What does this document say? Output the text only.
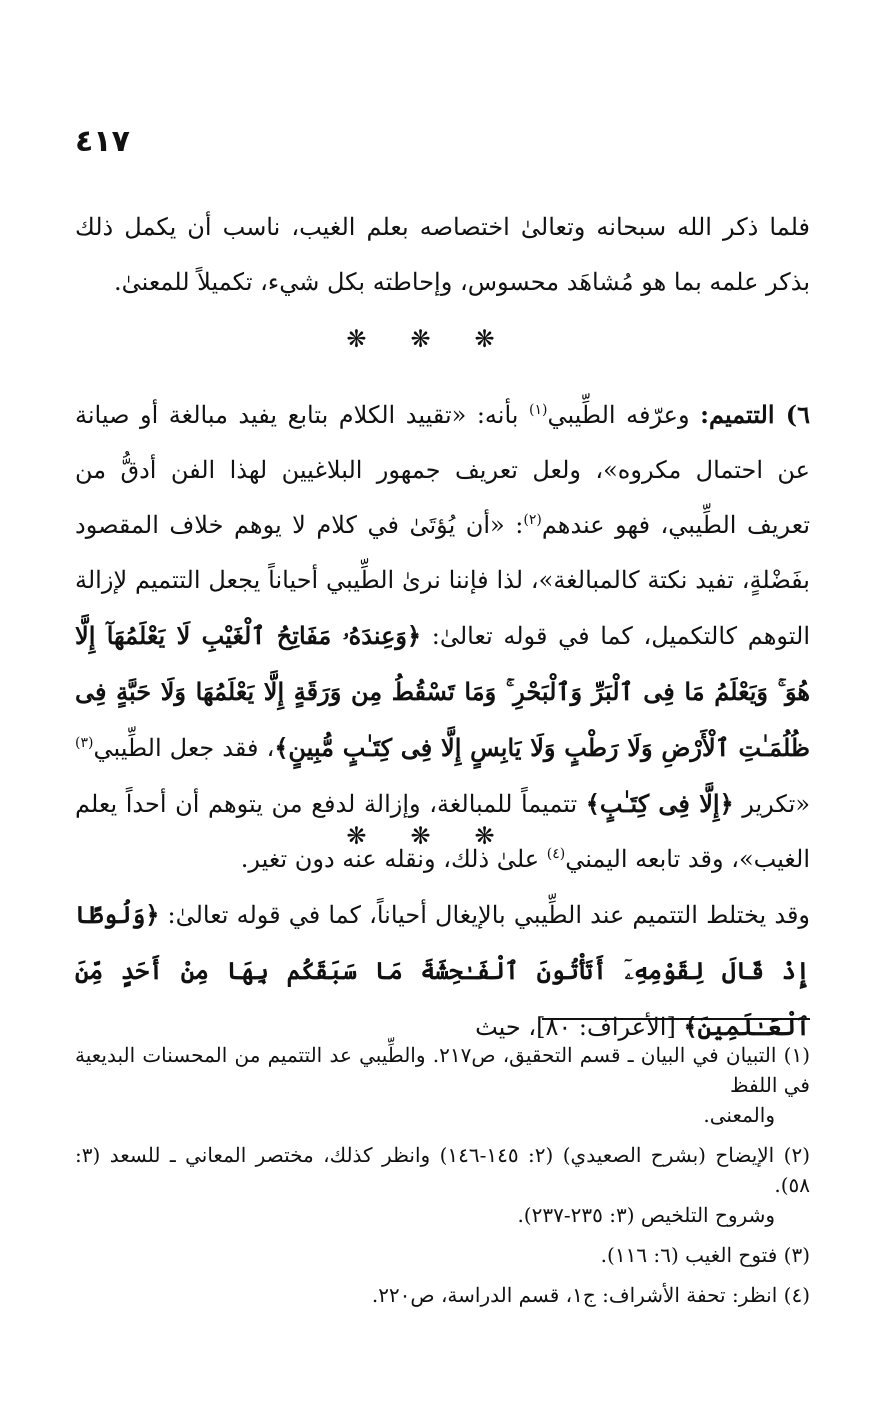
٤١٧

فلما ذكر الله سبحانه وتعالىٰ اختصاصه بعلم الغيب، ناسب أن يكمل ذلك بذكر علمه بما هو مُشاهَد محسوس، وإحاطته بكل شيء، تكميلاً للمعنىٰ.

❋❋❋

٦) التتميم: وعرّفه الطِّيبي$^{(١)}$ بأنه: «تقييد الكلام بتابع يفيد مبالغة أو صيانة عن احتمال مكروه»، ولعل تعريف جمهور البلاغيين لهذا الفن أدقُّ من تعريف الطِّيبي، فهو عندهم$^{(٢)}$: «أن يُؤتَىٰ في كلام لا يوهم خلاف المقصود بفَضْلةٍ، تفيد نكتة كالمبالغة»، لذا فإننا نرىٰ الطِّيبي أحياناً يجعل التتميم لإزالة التوهم كالتكميل، كما في قوله تعالىٰ: ﴿وَعِندَهُۥ مَفَاتِحُ ٱلْغَيْبِ لَا يَعْلَمُهَآ إِلَّا هُوَ ۚ وَيَعْلَمُ مَا فِى ٱلْبَرِّ وَٱلْبَحْرِ ۚ وَمَا تَسْقُطُ مِن وَرَقَةٍ إِلَّا يَعْلَمُهَا وَلَا حَبَّةٍ فِى ظُلُمَـٰتِ ٱلْأَرْضِ وَلَا رَطْبٍ وَلَا يَابِسٍ إِلَّا فِى كِتَـٰبٍ مُّبِينٍ﴾، فقد جعل الطِّيبي$^{(٣)}$ «تكرير ﴿إِلَّا فِى كِتَـٰبٍ﴾ تتميماً للمبالغة، وإزالة لدفع من يتوهم أن أحداً يعلم الغيب»، وقد تابعه اليمني$^{(٤)}$ علىٰ ذلك، ونقله عنه دون تغير.

❋❋❋

وقد يختلط التتميم عند الطِّيبي بالإيغال أحياناً، كما في قوله تعالىٰ: ﴿وَلُوطًا إِذْ قَالَ لِقَوْمِهِۦٓ أَتَأْتُونَ ٱلْفَـٰحِشَةَ مَا سَبَقَكُم بِهَا مِنْ أَحَدٍ مِّنَ ٱلْعَـٰلَمِينَ﴾ [الأعراف: ٨٠]، حيث

(١) التبيان في البيان ـ قسم التحقيق، ص٢١٧. والطِّيبي عد التتميم من المحسنات البديعية في اللفظ
والمعنى.
(٢) الإيضاح (بشرح الصعيدي) (٢: ١٤٥-١٤٦) وانظر كذلك، مختصر المعاني ـ للسعد (٣: ٥٨).
وشروح التلخيص (٣: ٢٣٥-٢٣٧).
(٣) فتوح الغيب (٦: ١١٦).
(٤) انظر: تحفة الأشراف: ج١، قسم الدراسة، ص٢٢٠.
